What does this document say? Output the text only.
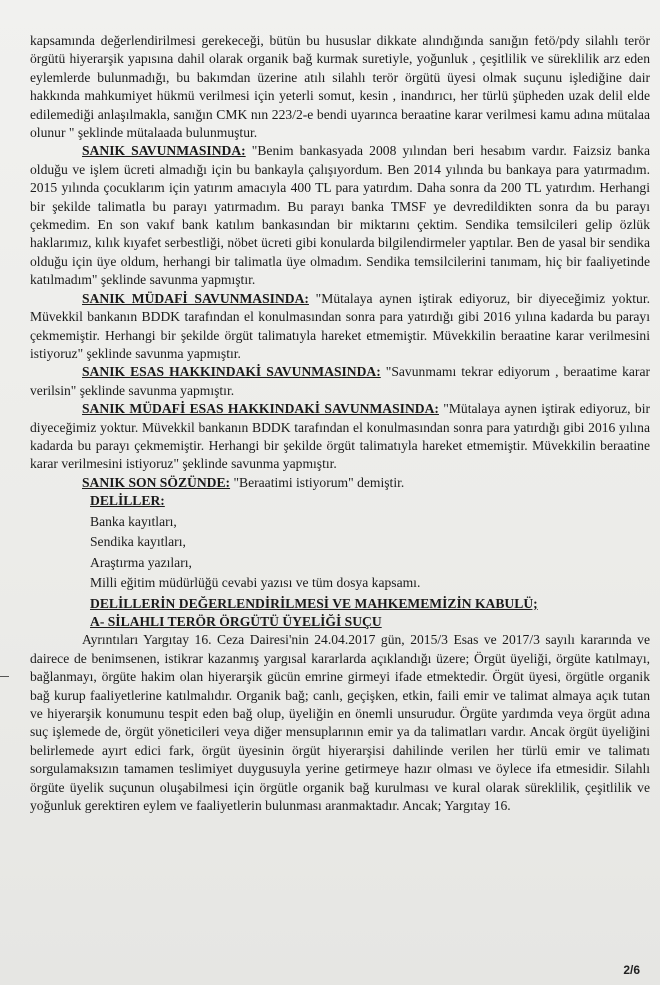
kapsamında değerlendirilmesi gerekeceği, bütün bu hususlar dikkate alındığında sanığın fetö/pdy silahlı terör örgütü hiyerarşik yapısına dahil olarak organik bağ kurmak suretiyle, yoğunluk , çeşitlilik ve süreklilik arz eden eylemlerde bulunmadığı, bu bakımdan üzerine atılı silahlı terör örgütü üyesi olmak suçunu işlediğine dair hakkında mahkumiyet hükmü verilmesi için yeterli somut, kesin , inandırıcı, her türlü şüpheden uzak delil elde edilemediği anlaşılmakla, sanığın CMK nın 223/2-e bendi uyarınca beraatine karar verilmesi kamu adına mütalaa olunur " şeklinde mütalaada bulunmuştur.

SANIK SAVUNMASINDA: "Benim bankasyada 2008 yılından beri hesabım vardır. Faizsiz banka olduğu ve işlem ücreti almadığı için bu bankayla çalışıyordum. Ben 2014 yılında bu bankaya para yatırmadım. 2015 yılında çocuklarım için yatırım amacıyla 400 TL para yatırdım. Daha sonra da 200 TL yatırdım. Herhangi bir şekilde talimatla bu parayı yatırmadım. Bu parayı banka TMSF ye devredildikten sonra da bu parayı çekmedim. En son vakıf bank katılım bankasından bir miktarını çektim. Sendika temsilcileri gelip özlük haklarımız, kılık kıyafet serbestliği, nöbet ücreti gibi konularda bilgilendirmeler yaptılar. Ben de yasal bir sendika olduğu için üye oldum, herhangi bir talimatla üye olmadım. Sendika temsilcilerini tanımam, hiç bir faaliyetinde katılmadım" şeklinde savunma yapmıştır.

SANIK MÜDAFİ SAVUNMASINDA: "Mütalaya aynen iştirak ediyoruz, bir diyeceğimiz yoktur. Müvekkil bankanın BDDK tarafından el konulmasından sonra para yatırdığı gibi 2016 yılına kadarda bu parayı çekmemiştir. Herhangi bir şekilde örgüt talimatıyla hareket etmemiştir. Müvekkilin beraatine karar verilmesini istiyoruz" şeklinde savunma yapmıştır.

SANIK ESAS HAKKINDAKİ SAVUNMASINDA: "Savunmamı tekrar ediyorum , beraatime karar verilsin" şeklinde savunma yapmıştır.

SANIK MÜDAFİ ESAS HAKKINDAKİ SAVUNMASINDA: "Mütalaya aynen iştirak ediyoruz, bir diyeceğimiz yoktur. Müvekkil bankanın BDDK tarafından el konulmasından sonra para yatırdığı gibi 2016 yılına kadarda bu parayı çekmemiştir. Herhangi bir şekilde örgüt talimatıyla hareket etmemiştir. Müvekkilin beraatine karar verilmesini istiyoruz" şeklinde savunma yapmıştır.

SANIK SON SÖZÜNDE: "Beraatimi istiyorum" demiştir.

DELİLLER:

Banka kayıtları,
Sendika kayıtları,
Araştırma yazıları,
Milli eğitim müdürlüğü cevabi yazısı ve tüm dosya kapsamı.

DELİLLERİN DEĞERLENDİRİLMESİ VE MAHKEMEMİZİN KABULÜ;

A- SİLAHLI TERÖR ÖRGÜTÜ ÜYELİĞİ SUÇU

Ayrıntıları Yargıtay 16. Ceza Dairesi'nin 24.04.2017 gün, 2015/3 Esas ve 2017/3 sayılı kararında ve dairece de benimsenen, istikrar kazanmış yargısal kararlarda açıklandığı üzere; Örgüt üyeliği, örgüte katılmayı, bağlanmayı, örgüte hakim olan hiyerarşik gücün emrine girmeyi ifade etmektedir. Örgüt üyesi, örgütle organik bağ kurup faaliyetlerine katılmalıdır. Organik bağ; canlı, geçişken, etkin, faili emir ve talimat almaya açık tutan ve hiyerarşik konumunu tespit eden bağ olup, üyeliğin en önemli unsurudur. Örgüte yardımda veya örgüt adına suç işlemede de, örgüt yöneticileri veya diğer mensuplarının emir ya da talimatları vardır. Ancak örgüt üyeliğini belirlemede ayırt edici fark, örgüt üyesinin örgüt hiyerarşisi dahilinde verilen her türlü emir ve talimatı sorgulamaksızın tamamen teslimiyet duygusuyla yerine getirmeye hazır olması ve öylece ifa etmesidir. Silahlı örgüte üyelik suçunun oluşabilmesi için örgütle organik bağ kurulması ve kural olarak süreklilik, çeşitlilik ve yoğunluk gerektiren eylem ve faaliyetlerin bulunması aranmaktadır. Ancak; Yargıtay 16.

2/6
